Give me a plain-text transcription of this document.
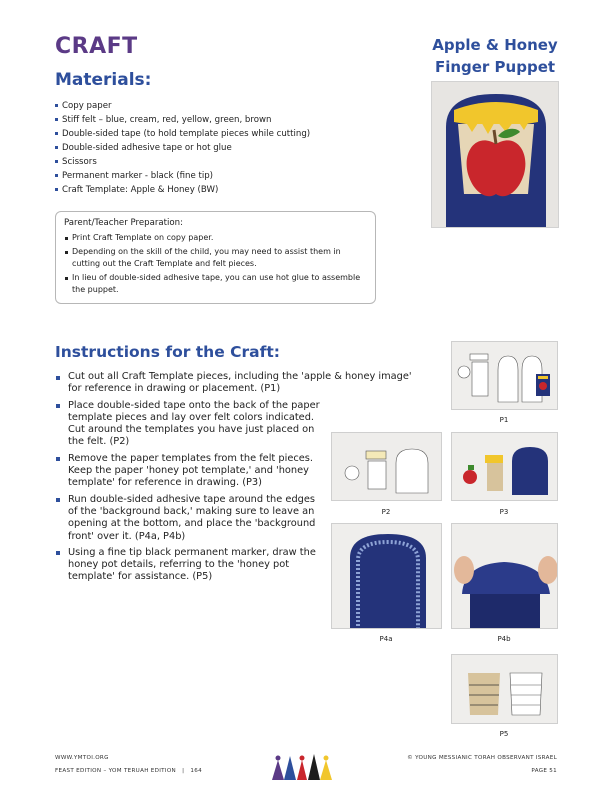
CRAFT	Apple & Honey
Finger Puppet
Materials:
Copy paper
Stiff felt – blue, cream, red, yellow, green, brown
Double-sided tape (to hold template pieces while cutting)
Double-sided adhesive tape or hot glue
Scissors
Permanent marker - black (fine tip)
Craft Template: Apple & Honey (BW)
Parent/Teacher Preparation:
Print Craft Template on copy paper.
Depending on the skill of the child, you may need to assist them in cutting out the Craft Template and felt pieces.
In lieu of double-sided adhesive tape, you can use hot glue to assemble the puppet.
Instructions for the Craft:
Cut out all Craft Template pieces, including the 'apple & honey image' for reference in drawing or placement. (P1)
Place double-sided tape onto the back of the paper template pieces and lay over felt colors indicated. Cut around the templates you have just placed on the felt. (P2)
Remove the paper templates from the felt pieces. Keep the paper 'honey pot template,' and 'honey template' for reference in drawing. (P3)
Run double-sided adhesive tape around the edges of the 'background back,' making sure to leave an opening at the bottom, and place the 'background front' over it. (P4a, P4b)
Using a fine tip black permanent marker, draw the honey pot details, referring to the 'honey pot template' for assistance. (P5)
P1
P2	P3
P4a	P4b
P5
WWW.YMTOI.ORG
FEAST EDITION – YOM TERUAH EDITION | 164
© YOUNG MESSIANIC TORAH OBSERVANT ISRAEL
PAGE 51
